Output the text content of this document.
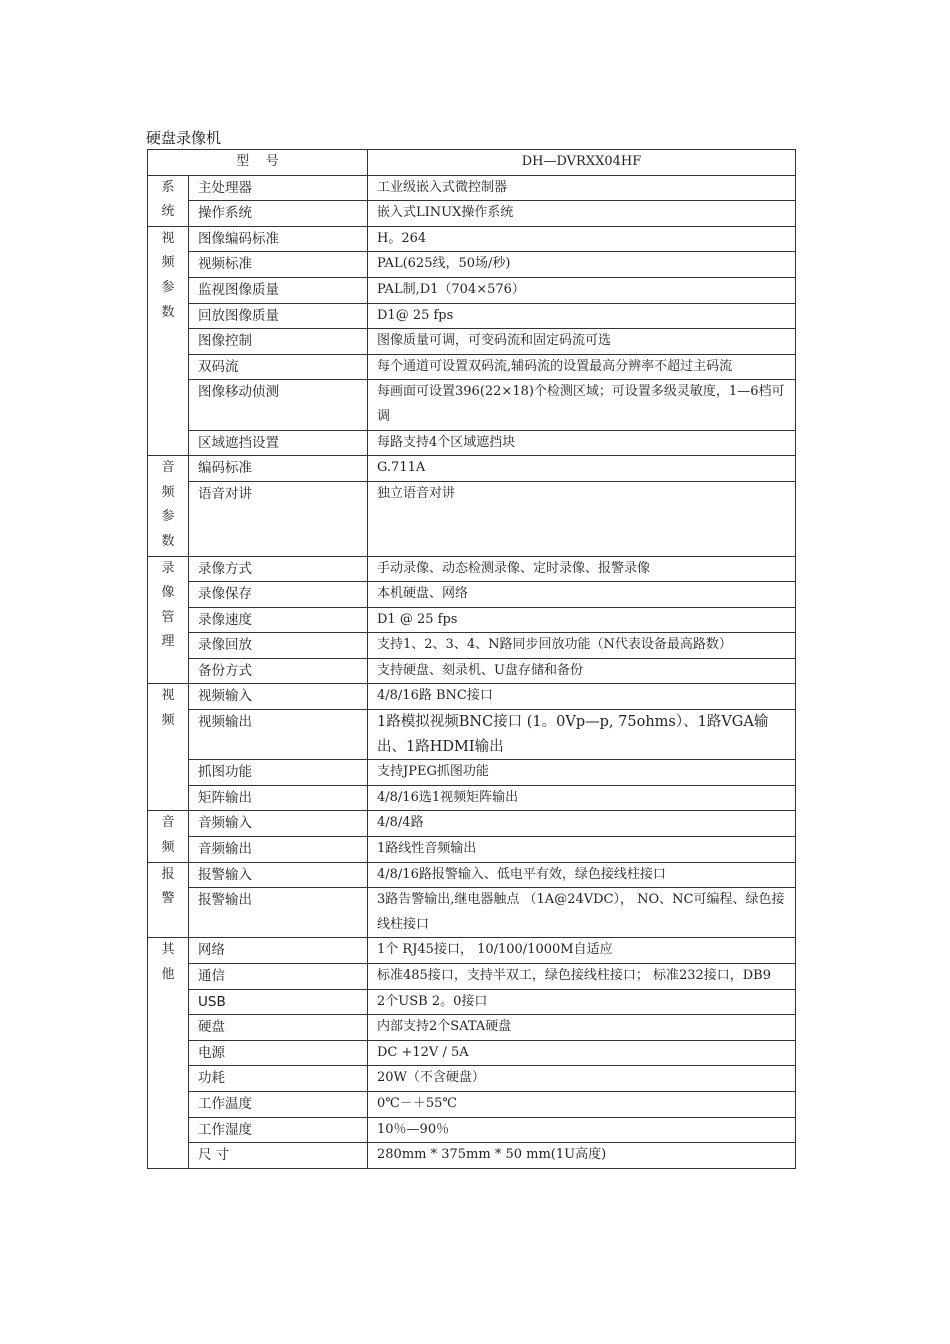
硬盘录像机
型    号		DH—DVRXX04HF

系
统	主处理器	工业级嵌入式微控制器
	操作系统	嵌入式LINUX操作系统

视
频
参
数	图像编码标准	H。264
	视频标准	PAL(625线，50场/秒)
	监视图像质量	PAL制,D1（704×576）
	回放图像质量	D1@ 25 fps
	图像控制	图像质量可调，可变码流和固定码流可选
	双码流	每个通道可设置双码流,辅码流的设置最高分辨率不超过主码流
	图像移动侦测	每画面可设置396(22×18)个检测区域；可设置多级灵敏度，1—6档可调
	区域遮挡设置	每路支持4个区域遮挡块

音
频
参
数	编码标准	G.711A
	语音对讲	独立语音对讲

录
像
管
理	录像方式	手动录像、动态检测录像、定时录像、报警录像
	录像保存	本机硬盘、网络
	录像速度	D1 @ 25 fps
	录像回放	支持1、2、3、4、N路同步回放功能（N代表设备最高路数）
	备份方式	支持硬盘、刻录机、U盘存储和备份

视
频	视频输入	4/8/16路 BNC接口
	视频输出	1路模拟视频BNC接口 (1。0Vp—p, 75ohms）、1路VGA输出、1路HDMI输出
	抓图功能	支持JPEG抓图功能
	矩阵输出	4/8/16选1视频矩阵输出

音
频	音频输入	4/8/4路
	音频输出	1路线性音频输出

报
警	报警输入	4/8/16路报警输入、低电平有效，绿色接线柱接口
	报警输出	3路告警输出,继电器触点 （1A@24VDC）， NO、NC可编程、绿色接线柱接口

其
他	网络	1个 RJ45接口， 10/100/1000M自适应
	通信	标准485接口，支持半双工，绿色接线柱接口； 标准232接口，DB9
	USB	2个USB 2。0接口
	硬盘	内部支持2个SATA硬盘
	电源	DC +12V / 5A
	功耗	20W（不含硬盘）
	工作温度	0℃－＋55℃
	工作湿度	10％—90％
	尺 寸	280mm * 375mm * 50 mm(1U高度)
